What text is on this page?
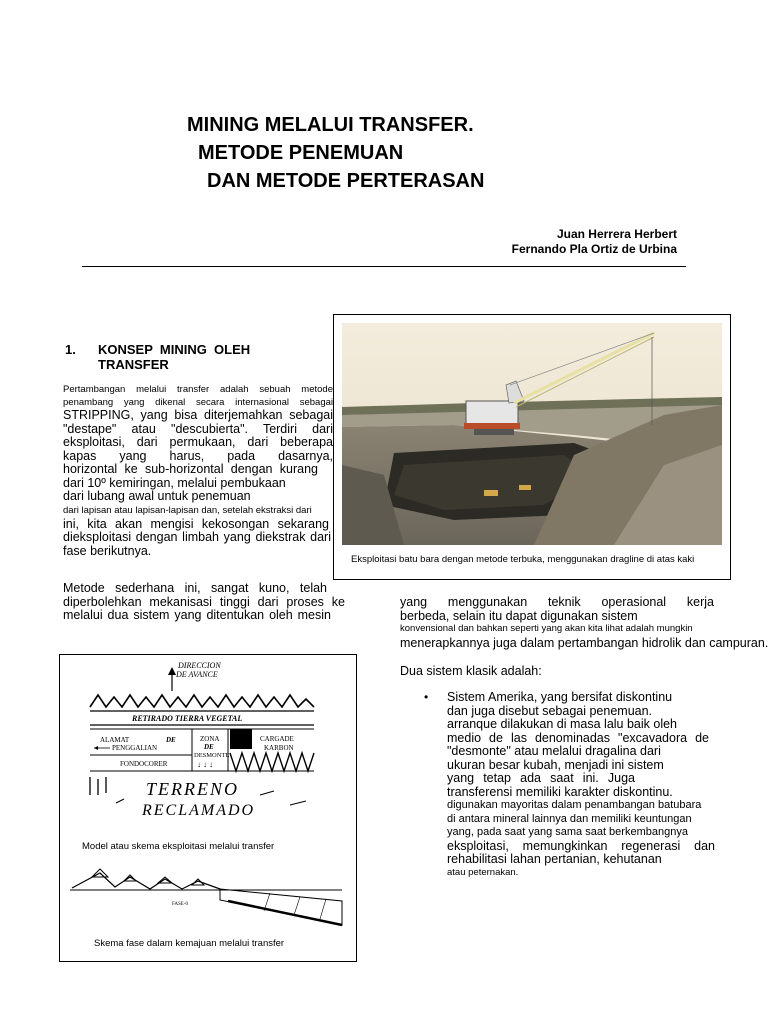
MINING MELALUI TRANSFER.
METODE PENEMUAN
DAN METODE PERTERASAN
Juan Herrera Herbert
Fernando Pla Ortiz de Urbina
1. KONSEP  MINING  OLEH
TRANSFER
Pertambangan melalui transfer adalah sebuah metode
penambang yang dikenal secara internasional sebagai
STRIPPING, yang bisa diterjemahkan sebagai
"destape" atau "descubierta". Terdiri dari
eksploitasi, dari permukaan, dari beberapa
kapas yang harus, pada dasarnya,
horizontal ke sub-horizontal dengan kurang
dari 10º kemiringan, melalui pembukaan
dari lubang awal untuk penemuan
dari lapisan atau lapisan-lapisan dan, setelah ekstraksi dari
ini, kita akan mengisi kekosongan sekarang
dieksploitasi dengan limbah yang diekstrak dari
fase berikutnya.
Metode sederhana ini, sangat kuno, telah
diperbolehkan mekanisasi tinggi dari proses ke
melalui dua sistem yang ditentukan oleh mesin
Eksploitasi batu bara dengan metode terbuka, menggunakan dragline di atas kaki
yang menggunakan teknik operasional kerja
berbeda, selain itu dapat digunakan sistem
konvensional dan bahkan seperti yang akan kita lihat adalah mungkin
menerapkannya juga dalam pertambangan hidrolik dan campuran.
Dua sistem klasik adalah:
• Sistem Amerika, yang bersifat diskontinu
dan juga disebut sebagai penemuan.
arranque dilakukan di masa lalu baik oleh
medio de las denominadas "excavadora de
"desmonte" atau melalui dragalina dari
ukuran besar kubah, menjadi ini sistem
yang tetap ada saat ini. Juga
transferensi memiliki karakter diskontinu.
digunakan mayoritas dalam penambangan batubara
di antara mineral lainnya dan memiliki keuntungan
yang, pada saat yang sama saat berkembangnya
eksploitasi, memungkinkan regenerasi dan
rehabilitasi lahan pertanian, kehutanan
atau peternakan.
DIRECCION
DE AVANCE
RETIRADO TIERRA VEGETAL
ALAMAT	DE
PENGGALIAN
ZONA
DE
DESMONTE
↓ ↓ ↓
CARGADE
KARBON
FONDOCORER
TERRENO
RECLAMADO
FASE-0
Model atau skema eksploitasi melalui transfer
Skema fase dalam kemajuan melalui transfer
